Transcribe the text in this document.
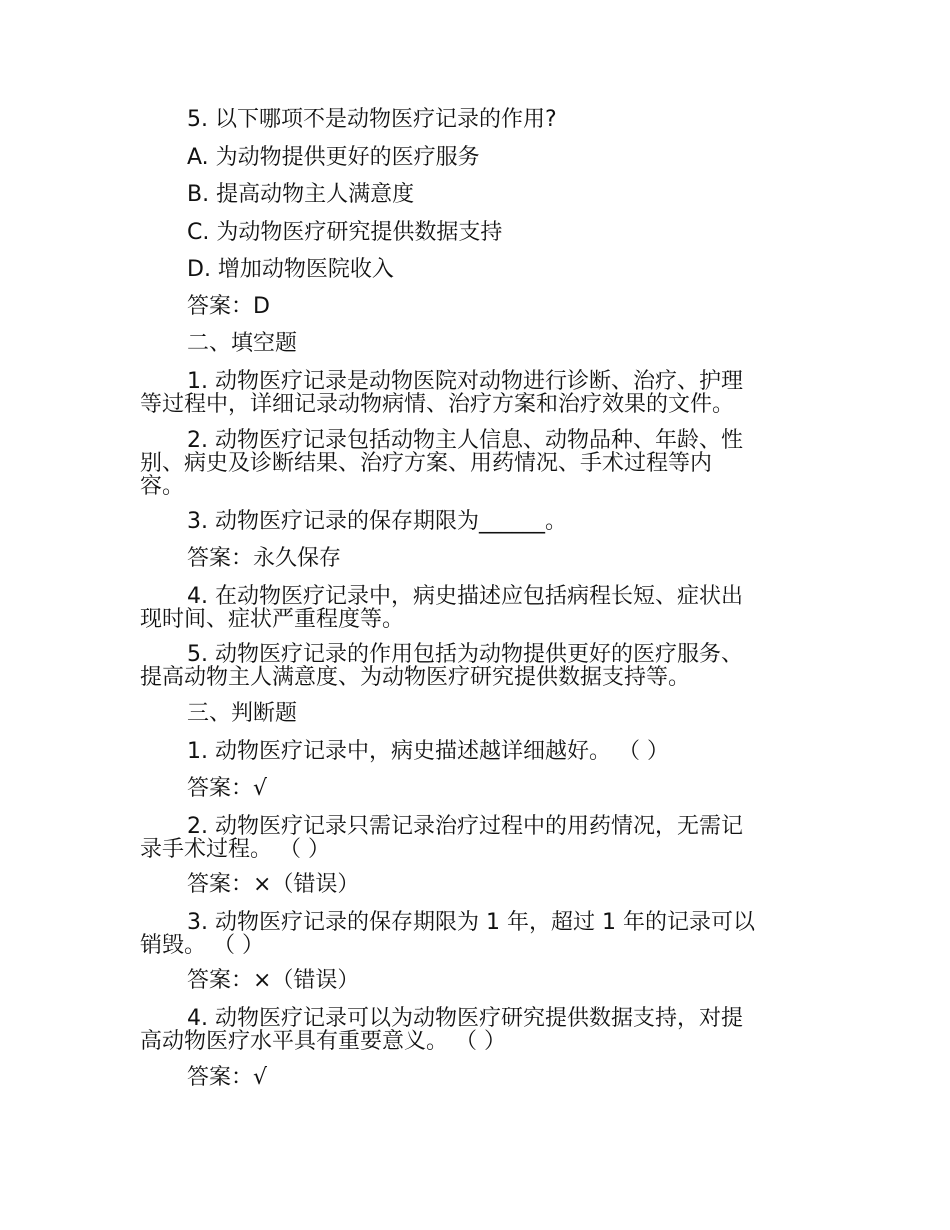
5. 以下哪项不是动物医疗记录的作用?
A. 为动物提供更好的医疗服务
B. 提高动物主人满意度
C. 为动物医疗研究提供数据支持
D. 增加动物医院收入
答案：D
二、填空题
1. 动物医疗记录是动物医院对动物进行诊断、治疗、护理
等过程中，详细记录动物病情、治疗方案和治疗效果的文件。
2. 动物医疗记录包括动物主人信息、动物品种、年龄、性
别、病史及诊断结果、治疗方案、用药情况、手术过程等内
容。
3. 动物医疗记录的保存期限为______。
答案：永久保存
4. 在动物医疗记录中，病史描述应包括病程长短、症状出
现时间、症状严重程度等。
5. 动物医疗记录的作用包括为动物提供更好的医疗服务、
提高动物主人满意度、为动物医疗研究提供数据支持等。
三、判断题
1. 动物医疗记录中，病史描述越详细越好。 （ ）
答案：√
2. 动物医疗记录只需记录治疗过程中的用药情况，无需记
录手术过程。 （ ）
答案：×（错误）
3. 动物医疗记录的保存期限为 1 年，超过 1 年的记录可以
销毁。 （ ）
答案：×（错误）
4. 动物医疗记录可以为动物医疗研究提供数据支持，对提
高动物医疗水平具有重要意义。 （ ）
答案：√
